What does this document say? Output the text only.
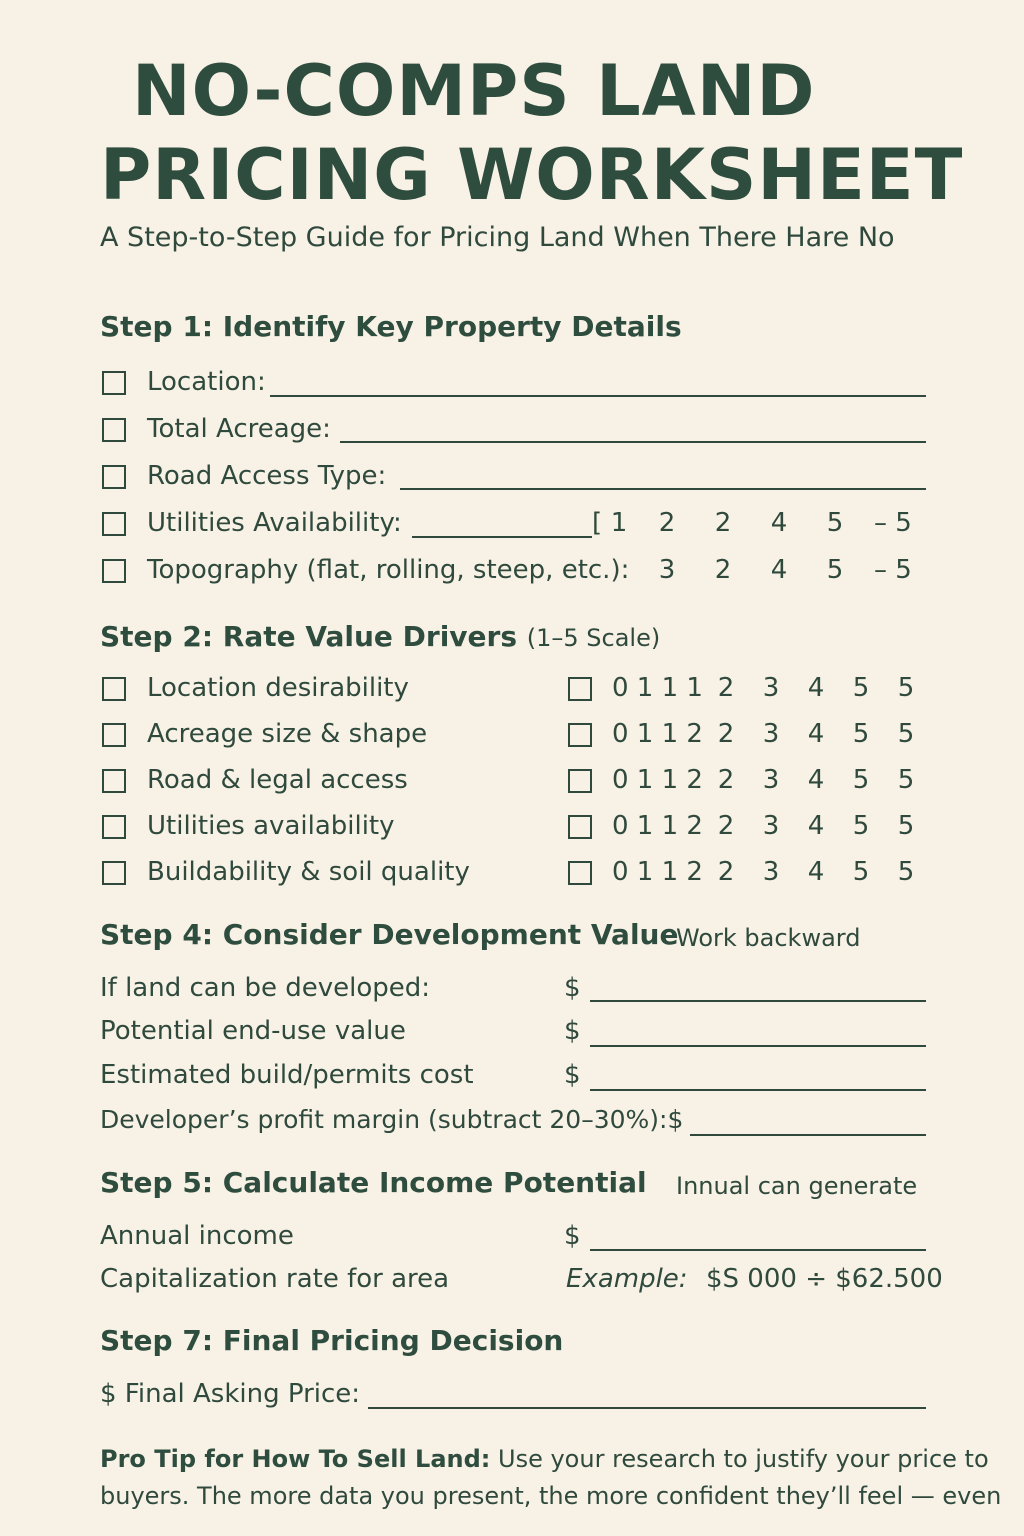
NO-COMPS LAND
PRICING WORKSHEET
A Step-to-Step Guide for Pricing Land When There Hare No
Step 1: Identify Key Property Details
Location:
Total Acreage:
Road Access Type:
Utilities Availability:	[ 1 2 2 4 5 – 5
Topography (flat, rolling, steep, etc.): 3 2 4 5 – 5
Step 2: Rate Value Drivers (1–5 Scale)
Location desirability	0 1 1 1 2 3 4 5 5
Acreage size & shape	0 1 1 2 2 3 4 5 5
Road & legal access	0 1 1 2 2 3 4 5 5
Utilities availability	0 1 1 2 2 3 4 5 5
Buildability & soil quality	0 1 1 2 2 3 4 5 5
Step 4: Consider Development Value
Work backward
If land can be developed:	$
Potential end-use value	$
Estimated build/permits cost	$
Developer’s profit margin (subtract 20–30%):$
Step 5: Calculate Income Potential Innual can generate
Annual income	$
Capitalization rate for area	Example: $S 000 ÷ $62.500
Step 7: Final Pricing Decision
$ Final Asking Price:
Pro Tip for How To Sell Land: Use your research to justify your price to
buyers. The more data you present, the more confident they’ll feel — even
